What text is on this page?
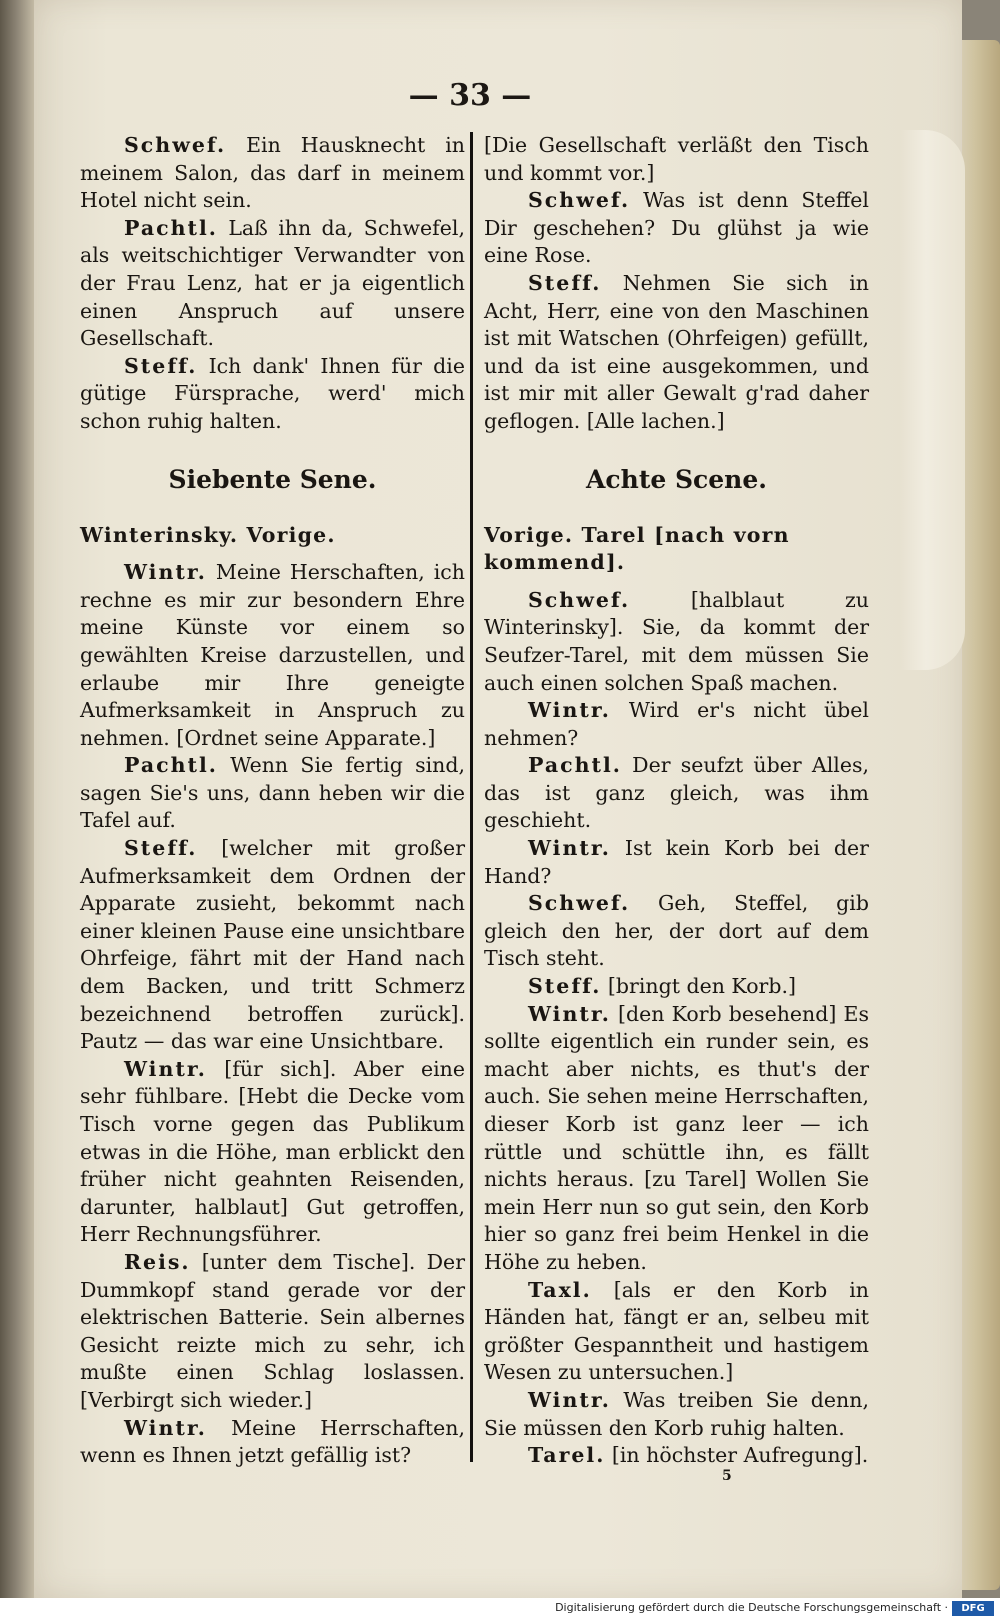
— 33 —

Schwef. Ein Hausknecht in meinem Salon, das darf in meinem Hotel nicht sein.

Pachtl. Laß ihn da, Schwefel, als weitschichtiger Verwandter von der Frau Lenz, hat er ja eigentlich einen Anspruch auf unsere Gesellschaft.

Steff. Ich dank' Ihnen für die gütige Fürsprache, werd' mich schon ruhig halten.

Siebente Sene.

Winterinsky. Vorige.

Wintr. Meine Herschaften, ich rechne es mir zur besondern Ehre meine Künste vor einem so gewählten Kreise darzustellen, und erlaube mir Ihre geneigte Aufmerksamkeit in Anspruch zu nehmen. [Ordnet seine Apparate.]

Pachtl. Wenn Sie fertig sind, sagen Sie's uns, dann heben wir die Tafel auf.

Steff. [welcher mit großer Aufmerksamkeit dem Ordnen der Apparate zusieht, bekommt nach einer kleinen Pause eine unsichtbare Ohrfeige, fährt mit der Hand nach dem Backen, und tritt Schmerz bezeichnend betroffen zurück]. Pautz — das war eine Unsichtbare.

Wintr. [für sich]. Aber eine sehr fühlbare. [Hebt die Decke vom Tisch vorne gegen das Publikum etwas in die Höhe, man erblickt den früher nicht geahnten Reisenden, darunter, halblaut] Gut getroffen, Herr Rechnungsführer.

Reis. [unter dem Tische]. Der Dummkopf stand gerade vor der elektrischen Batterie. Sein albernes Gesicht reizte mich zu sehr, ich mußte einen Schlag loslassen. [Verbirgt sich wieder.]

Wintr. Meine Herrschaften, wenn es Ihnen jetzt gefällig ist?

[Die Gesellschaft verläßt den Tisch und kommt vor.]

Schwef. Was ist denn Steffel Dir geschehen? Du glühst ja wie eine Rose.

Steff. Nehmen Sie sich in Acht, Herr, eine von den Maschinen ist mit Watschen (Ohrfeigen) gefüllt, und da ist eine ausgekommen, und ist mir mit aller Gewalt g'rad daher geflogen. [Alle lachen.]

Achte Scene.

Vorige. Tarel [nach vorn kommend].

Schwef.	[halblaut zu Winterinsky]. Sie, da kommt der Seufzer-Tarel, mit dem müssen Sie auch einen solchen Spaß machen.

Wintr. Wird er's nicht übel nehmen?

Pachtl. Der seufzt über Alles, das ist ganz gleich, was ihm geschieht.

Wintr. Ist kein Korb bei der Hand?

Schwef. Geh, Steffel, gib gleich den her, der dort auf dem Tisch steht.

Steff. [bringt den Korb.]

Wintr. [den Korb besehend] Es sollte eigentlich ein runder sein, es macht aber nichts, es thut's der auch. Sie sehen meine Herrschaften, dieser Korb ist ganz leer — ich rüttle und schüttle ihn, es fällt nichts heraus. [zu Tarel] Wollen Sie mein Herr nun so gut sein, den Korb hier so ganz frei beim Henkel in die Höhe zu heben.

Taxl. [als er den Korb in Händen hat, fängt er an, selbeu mit größter Gespanntheit und hastigem Wesen zu untersuchen.]

Wintr. Was treiben Sie denn, Sie müssen den Korb ruhig halten.

Tarel. [in höchster Aufregung].

5
Digitalisierung gefördert durch die Deutsche Forschungsgemeinschaft ·	DFG
